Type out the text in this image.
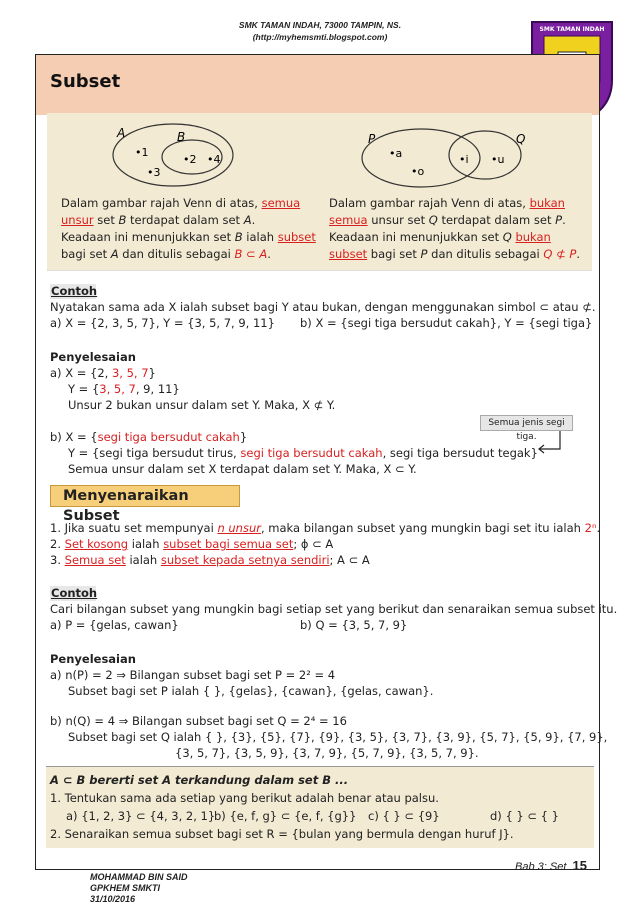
SMK TAMAN INDAH, 73000 TAMPIN, NS.
(http://myhemsmti.blogspot.com)
SMK TAMAN INDAH
Subset
A	B
•1
•2 •4
•3
P	Q
•a
•o
•i •u
Dalam gambar rajah Venn di atas, semua
unsur set B terdapat dalam set A.
Keadaan ini menunjukkan set B ialah subset
bagi set A dan ditulis sebagai B ⊂ A.
Dalam gambar rajah Venn di atas, bukan
semua unsur set Q terdapat dalam set P.
Keadaan ini menunjukkan set Q bukan
subset bagi set P dan ditulis sebagai Q ⊄ P.
Contoh
Nyatakan sama ada X ialah subset bagi Y atau bukan, dengan menggunakan simbol ⊂ atau ⊄.
a) X = {2, 3, 5, 7}, Y = {3, 5, 7, 9, 11} b) X = {segi tiga bersudut cakah}, Y = {segi tiga}
Penyelesaian
a) X = {2, 3, 5, 7}
Y = {3, 5, 7, 9, 11}
Unsur 2 bukan unsur dalam set Y. Maka, X ⊄ Y.
b) X = {segi tiga bersudut cakah}
Y = {segi tiga bersudut tirus, segi tiga bersudut cakah, segi tiga bersudut tegak}
Semua unsur dalam set X terdapat dalam set Y. Maka, X ⊂ Y.
Semua jenis segi tiga.
Menyenaraikan Subset
1. Jika suatu set mempunyai n unsur, maka bilangan subset yang mungkin bagi set itu ialah 2ⁿ.
2. Set kosong ialah subset bagi semua set; ϕ ⊂ A
3. Semua set ialah subset kepada setnya sendiri; A ⊂ A
Contoh
Cari bilangan subset yang mungkin bagi setiap set yang berikut dan senaraikan semua subset itu.
a) P = {gelas, cawan}	b) Q = {3, 5, 7, 9}
Penyelesaian
a) n(P) = 2 ⇒ Bilangan subset bagi set P = 2² = 4
Subset bagi set P ialah { }, {gelas}, {cawan}, {gelas, cawan}.
b) n(Q) = 4 ⇒ Bilangan subset bagi set Q = 2⁴ = 16
Subset bagi set Q ialah { }, {3}, {5}, {7}, {9}, {3, 5}, {3, 7}, {3, 9}, {5, 7}, {5, 9}, {7, 9},
{3, 5, 7}, {3, 5, 9}, {3, 7, 9}, {5, 7, 9}, {3, 5, 7, 9}.
A ⊂ B bererti set A terkandung dalam set B ...
1. Tentukan sama ada setiap yang berikut adalah benar atau palsu.
a) {1, 2, 3} ⊂ {4, 3, 2, 1}
b) {e, f, g} ⊂ {e, f, {g}} c) { } ⊂ {9}	d) { } ⊂ { }
2. Senaraikan semua subset bagi set R = {bulan yang bermula dengan huruf J}.
MOHAMMAD BIN SAID
GPKHEM SMKTI
31/10/2016
Bab 3: Set 15
